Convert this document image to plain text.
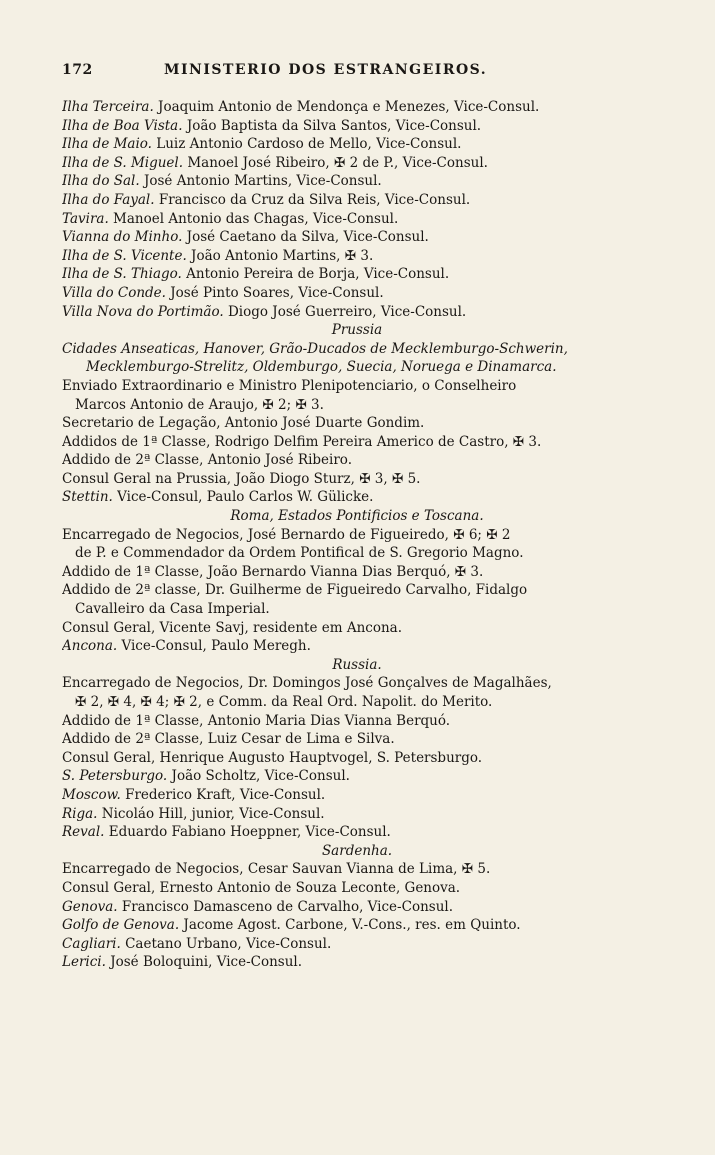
172	MINISTERIO DOS ESTRANGEIROS.
Ilha Terceira. Joaquim Antonio de Mendonça e Menezes, Vice-Consul.
Ilha de Boa Vista. João Baptista da Silva Santos, Vice-Consul.
Ilha de Maio. Luiz Antonio Cardoso de Mello, Vice-Consul.
Ilha de S. Miguel. Manoel José Ribeiro, ✠ 2 de P., Vice-Consul.
Ilha do Sal. José Antonio Martins, Vice-Consul.
Ilha do Fayal. Francisco da Cruz da Silva Reis, Vice-Consul.
Tavira. Manoel Antonio das Chagas, Vice-Consul.
Vianna do Minho. José Caetano da Silva, Vice-Consul.
Ilha de S. Vicente. João Antonio Martins, ✠ 3.
Ilha de S. Thiago. Antonio Pereira de Borja, Vice-Consul.
Villa do Conde. José Pinto Soares, Vice-Consul.
Villa Nova do Portimão. Diogo José Guerreiro, Vice-Consul.
Prussia
Cidades Anseaticas, Hanover, Grão-Ducados de Mecklemburgo-Schwerin,
Mecklemburgo-Strelitz, Oldemburgo, Suecia, Noruega e Dinamarca.
Enviado Extraordinario e Ministro Plenipotenciario, o Conselheiro
Marcos Antonio de Araujo, ✠ 2; ✠ 3.
Secretario de Legação, Antonio José Duarte Gondim.
Addidos de 1ª Classe, Rodrigo Delfim Pereira Americo de Castro, ✠ 3.
Addido de 2ª Classe, Antonio José Ribeiro.
Consul Geral na Prussia, João Diogo Sturz, ✠ 3, ✠ 5.
Stettin. Vice-Consul, Paulo Carlos W. Gülicke.
Roma, Estados Pontificios e Toscana.
Encarregado de Negocios, José Bernardo de Figueiredo, ✠ 6; ✠ 2
de P. e Commendador da Ordem Pontifical de S. Gregorio Magno.
Addido de 1ª Classe, João Bernardo Vianna Dias Berquó, ✠ 3.
Addido de 2ª classe, Dr. Guilherme de Figueiredo Carvalho, Fidalgo
Cavalleiro da Casa Imperial.
Consul Geral, Vicente Savj, residente em Ancona.
Ancona. Vice-Consul, Paulo Meregh.
Russia.
Encarregado de Negocios, Dr. Domingos José Gonçalves de Magalhães,
✠ 2, ✠ 4, ✠ 4; ✠ 2, e Comm. da Real Ord. Napolit. do Merito.
Addido de 1ª Classe, Antonio Maria Dias Vianna Berquó.
Addido de 2ª Classe, Luiz Cesar de Lima e Silva.
Consul Geral, Henrique Augusto Hauptvogel, S. Petersburgo.
S. Petersburgo. João Scholtz, Vice-Consul.
Moscow. Frederico Kraft, Vice-Consul.
Riga. Nicoláo Hill, junior, Vice-Consul.
Reval. Eduardo Fabiano Hoeppner, Vice-Consul.
Sardenha.
Encarregado de Negocios, Cesar Sauvan Vianna de Lima, ✠ 5.
Consul Geral, Ernesto Antonio de Souza Leconte, Genova.
Genova. Francisco Damasceno de Carvalho, Vice-Consul.
Golfo de Genova. Jacome Agost. Carbone, V.-Cons., res. em Quinto.
Cagliari. Caetano Urbano, Vice-Consul.
Lerici. José Boloquini, Vice-Consul.
